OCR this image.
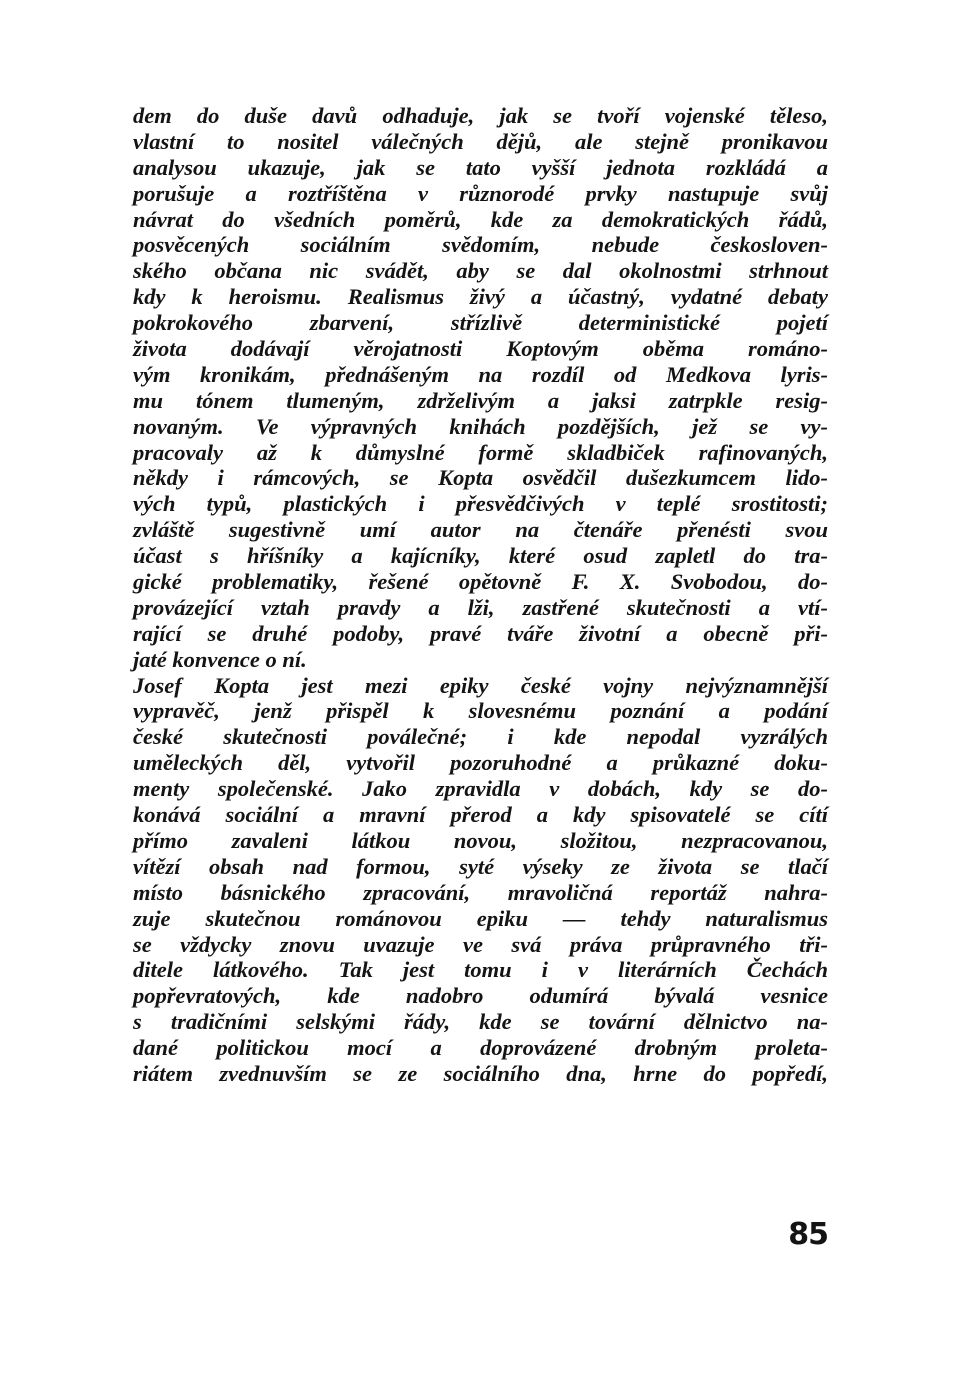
dem do duše davů odhaduje, jak se tvoří vojenské těleso,
vlastní to nositel válečných dějů, ale stejně pronikavou
analysou ukazuje, jak se tato vyšší jednota rozkládá a
porušuje a roztříštěna v různorodé prvky nastupuje svůj
návrat do všedních poměrů, kde za demokratických řádů,
posvěcených sociálním svědomím, nebude českosloven-
ského občana nic svádět, aby se dal okolnostmi strhnout
kdy k heroismu. Realismus živý a účastný, vydatné debaty
pokrokového zbarvení, střízlivě deterministické pojetí
života dodávají věrojatnosti Koptovým oběma románo-
vým kronikám, přednášeným na rozdíl od Medkova lyris-
mu tónem tlumeným, zdrželivým a jaksi zatrpkle resig-
novaným. Ve výpravných knihách pozdějších, jež se vy-
pracovaly až k důmyslné formě skladbiček rafinovaných,
někdy i rámcových, se Kopta osvědčil dušezkumcem lido-
vých typů, plastických i přesvědčivých v teplé srostitosti;
zvláště sugestivně umí autor na čtenáře přenésti svou
účast s hříšníky a kajícníky, které osud zapletl do tra-
gické problematiky, řešené opětovně F. X. Svobodou, do-
provázející vztah pravdy a lži, zastřené skutečnosti a vtí-
rající se druhé podoby, pravé tváře životní a obecně při-
jaté konvence o ní.
Josef Kopta jest mezi epiky české vojny nejvýznamnější
vypravěč, jenž přispěl k slovesnému poznání a podání
české skutečnosti poválečné; i kde nepodal vyzrálých
uměleckých děl, vytvořil pozoruhodné a průkazné doku-
menty společenské. Jako zpravidla v dobách, kdy se do-
konává sociální a mravní přerod a kdy spisovatelé se cítí
přímo zavaleni látkou novou, složitou, nezpracovanou,
vítězí obsah nad formou, syté výseky ze života se tlačí
místo básnického zpracování, mravoličná reportáž nahra-
zuje skutečnou románovou epiku — tehdy naturalismus
se vždycky znovu uvazuje ve svá práva průpravného tři-
ditele látkového. Tak jest tomu i v literárních Čechách
popřevratových, kde nadobro odumírá bývalá vesnice
s tradičními selskými řády, kde se tovární dělnictvo na-
dané politickou mocí a doprovázené drobným proleta-
riátem zvednuvším se ze sociálního dna, hrne do popředí,
85
